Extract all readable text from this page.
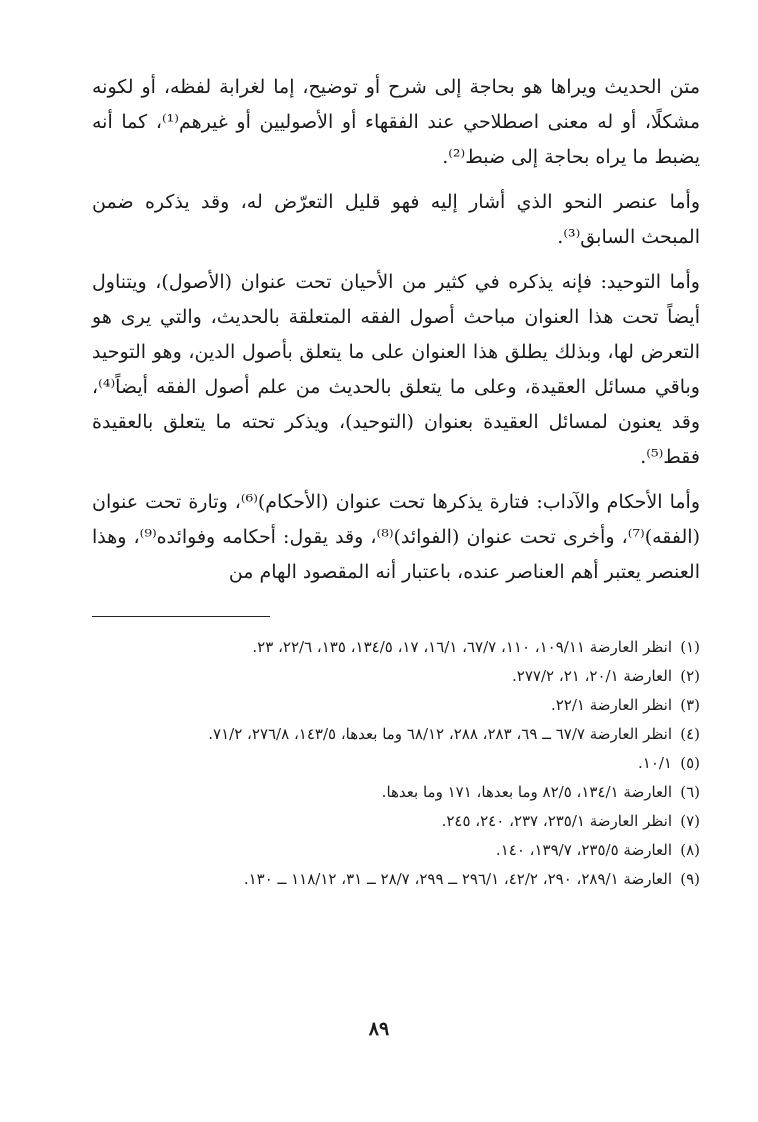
متن الحديث ويراها هو بحاجة إلى شرح أو توضيح، إما لغرابة لفظه، أو لكونه مشكلًا، أو له معنى اصطلاحي عند الفقهاء أو الأصوليين أو غيرهم⁽¹⁾، كما أنه يضبط ما يراه بحاجة إلى ضبط⁽²⁾.

وأما عنصر النحو الذي أشار إليه فهو قليل التعرّض له، وقد يذكره ضمن المبحث السابق⁽³⁾.

وأما التوحيد: فإنه يذكره في كثير من الأحيان تحت عنوان (الأصول)، ويتناول أيضاً تحت هذا العنوان مباحث أصول الفقه المتعلقة بالحديث، والتي يرى هو التعرض لها، وبذلك يطلق هذا العنوان على ما يتعلق بأصول الدين، وهو التوحيد وباقي مسائل العقيدة، وعلى ما يتعلق بالحديث من علم أصول الفقه أيضاً⁽⁴⁾، وقد يعنون لمسائل العقيدة بعنوان (التوحيد)، ويذكر تحته ما يتعلق بالعقيدة فقط⁽⁵⁾.

وأما الأحكام والآداب: فتارة يذكرها تحت عنوان (الأحكام)⁽⁶⁾، وتارة تحت عنوان (الفقه)⁽⁷⁾، وأخرى تحت عنوان (الفوائد)⁽⁸⁾، وقد يقول: أحكامه وفوائده⁽⁹⁾، وهذا العنصر يعتبر أهم العناصر عنده، باعتبار أنه المقصود الهام من

(١)
انظر العارضة ١٠٩/١١، ١١٠، ٦٧/٧، ١٦/١، ١٧، ١٣٤/٥، ١٣٥، ٢٢/٦، ٢٣.
(٢)
العارضة ٢٠/١، ٢١، ٢٧٧/٢.
(٣)
انظر العارضة ٢٢/١.
(٤)
انظر العارضة ٦٧/٧ ــ ٦٩، ٢٨٣، ٢٨٨، ٦٨/١٢ وما بعدها، ١٤٣/٥، ٢٧٦/٨، ٧١/٢.
(٥)
١٠/١.
(٦)
العارضة ١٣٤/١، ٨٢/٥ وما بعدها، ١٧١ وما بعدها.
(٧)
انظر العارضة ٢٣٥/١، ٢٣٧، ٢٤٠، ٢٤٥.
(٨)
العارضة ٢٣٥/٥، ١٣٩/٧، ١٤٠.
(٩)
العارضة ٢٨٩/١، ٢٩٠، ٤٢/٢، ٢٩٦/١ ــ ٢٩٩، ٢٨/٧ ــ ٣١، ١١٨/١٢ ــ ١٣٠.
٨٩
